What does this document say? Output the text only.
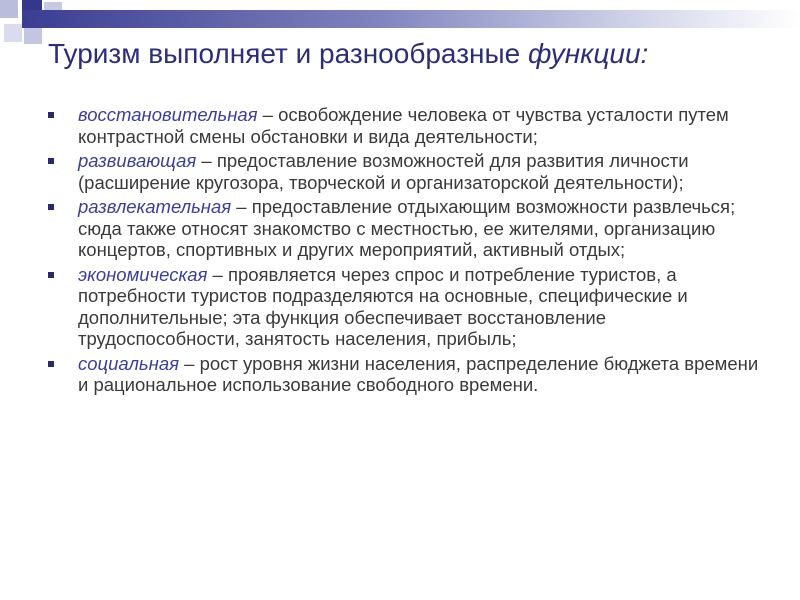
Туризм выполняет и разнообразные функции:
восстановительная – освобождение человека от чувства усталости путем контрастной смены обстановки и вида деятельности;
развивающая – предоставление возможностей для развития личности (расширение кругозора, творческой и организаторской деятельности);
развлекательная – предоставление отдыхающим возможности развлечься; сюда также относят знакомство с местностью, ее жителями, организацию концертов, спортивных и других мероприятий, активный отдых;
экономическая – проявляется через спрос и потребление туристов, а потребности туристов подразделяются на основные, специфические и дополнительные; эта функция обеспечивает восстановление трудоспособности, занятость населения, прибыль;
социальная – рост уровня жизни населения, распределение бюджета времени и рациональное использование свободного времени.
